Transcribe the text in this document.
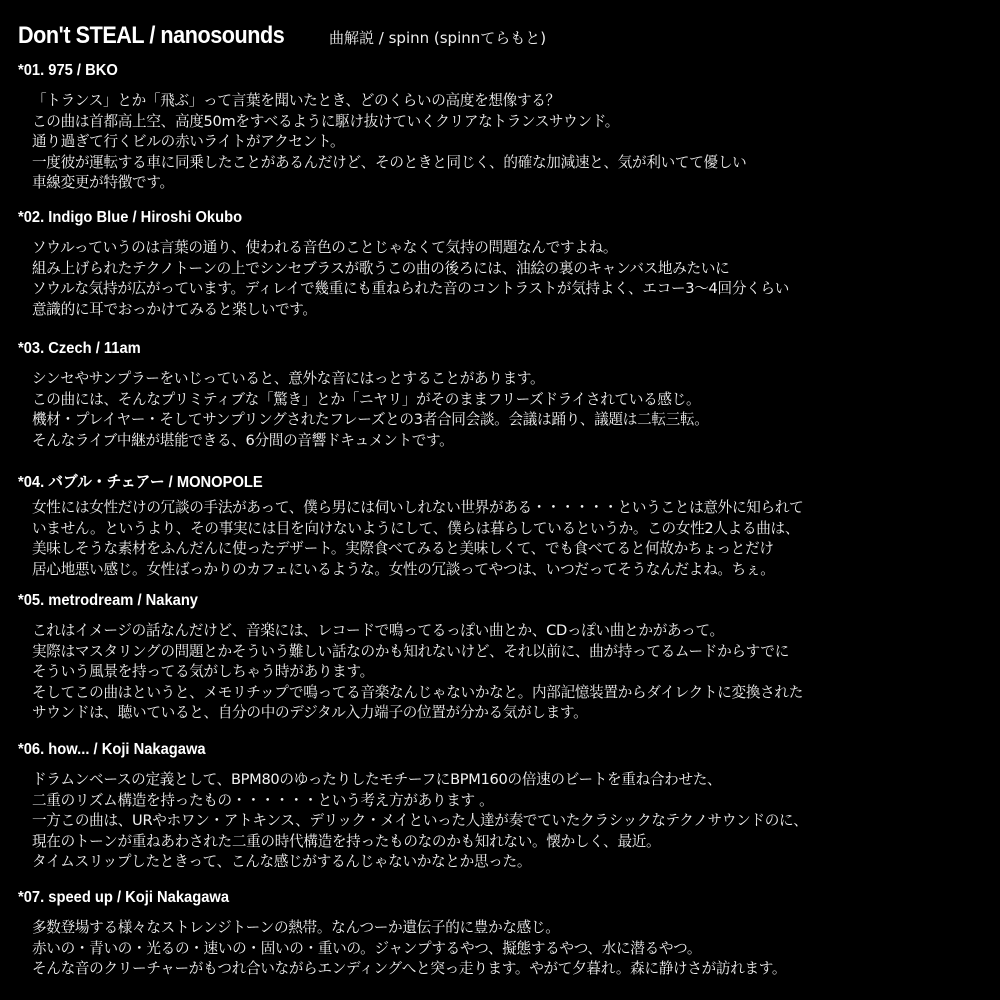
Don't STEAL / nanosounds	曲解説 / spinn (spinnてらもと)
*01. 975 / BKO
「トランス」とか「飛ぶ」って言葉を聞いたとき、どのくらいの高度を想像する？
この曲は首都高上空、高度50mをすべるように駆け抜けていくクリアなトランスサウンド。
通り過ぎて行くビルの赤いライトがアクセント。
一度彼が運転する車に同乗したことがあるんだけど、そのときと同じく、的確な加減速と、気が利いてて優しい
車線変更が特徴です。
*02. Indigo Blue / Hiroshi Okubo
ソウルっていうのは言葉の通り、使われる音色のことじゃなくて気持の問題なんですよね。
組み上げられたテクノトーンの上でシンセブラスが歌うこの曲の後ろには、油絵の裏のキャンバス地みたいに
ソウルな気持が広がっています。ディレイで幾重にも重ねられた音のコントラストが気持よく、エコー3～4回分くらい
意識的に耳でおっかけてみると楽しいです。
*03. Czech / 11am
シンセやサンプラーをいじっていると、意外な音にはっとすることがあります。
この曲には、そんなプリミティブな「驚き」とか「ニヤリ」がそのままフリーズドライされている感じ。
機材・プレイヤー・そしてサンプリングされたフレーズとの3者合同会談。会議は踊り、議題は二転三転。
そんなライブ中継が堪能できる、6分間の音響ドキュメントです。
*04. バブル・チェアー / MONOPOLE
女性には女性だけの冗談の手法があって、僕ら男には伺いしれない世界がある・・・・・・ということは意外に知られて
いません。というより、その事実には目を向けないようにして、僕らは暮らしているというか。この女性2人よる曲は、
美味しそうな素材をふんだんに使ったデザート。実際食べてみると美味しくて、でも食べてると何故かちょっとだけ
居心地悪い感じ。女性ばっかりのカフェにいるような。女性の冗談ってやつは、いつだってそうなんだよね。ちぇ。
*05. metrodream / Nakany
これはイメージの話なんだけど、音楽には、レコードで鳴ってるっぽい曲とか、CDっぽい曲とかがあって。
実際はマスタリングの問題とかそういう難しい話なのかも知れないけど、それ以前に、曲が持ってるムードからすでに
そういう風景を持ってる気がしちゃう時があります。
そしてこの曲はというと、メモリチップで鳴ってる音楽なんじゃないかなと。内部記憶装置からダイレクトに変換された
サウンドは、聴いていると、自分の中のデジタル入力端子の位置が分かる気がします。
*06. how... / Koji Nakagawa
ドラムンベースの定義として、BPM80のゆったりしたモチーフにBPM160の倍速のビートを重ね合わせた、
二重のリズム構造を持ったもの・・・・・・という考え方があります 。
一方この曲は、URやホワン・アトキンス、デリック・メイといった人達が奏でていたクラシックなテクノサウンドのに、
現在のトーンが重ねあわされた二重の時代構造を持ったものなのかも知れない。懐かしく、最近。
タイムスリップしたときって、こんな感じがするんじゃないかなとか思った。
*07. speed up / Koji Nakagawa
多数登場する様々なストレンジトーンの熱帯。なんつーか遺伝子的に豊かな感じ。
赤いの・青いの・光るの・速いの・固いの・重いの。ジャンプするやつ、擬態するやつ、水に潜るやつ。
そんな音のクリーチャーがもつれ合いながらエンディングへと突っ走ります。やがて夕暮れ。森に静けさが訪れます。
